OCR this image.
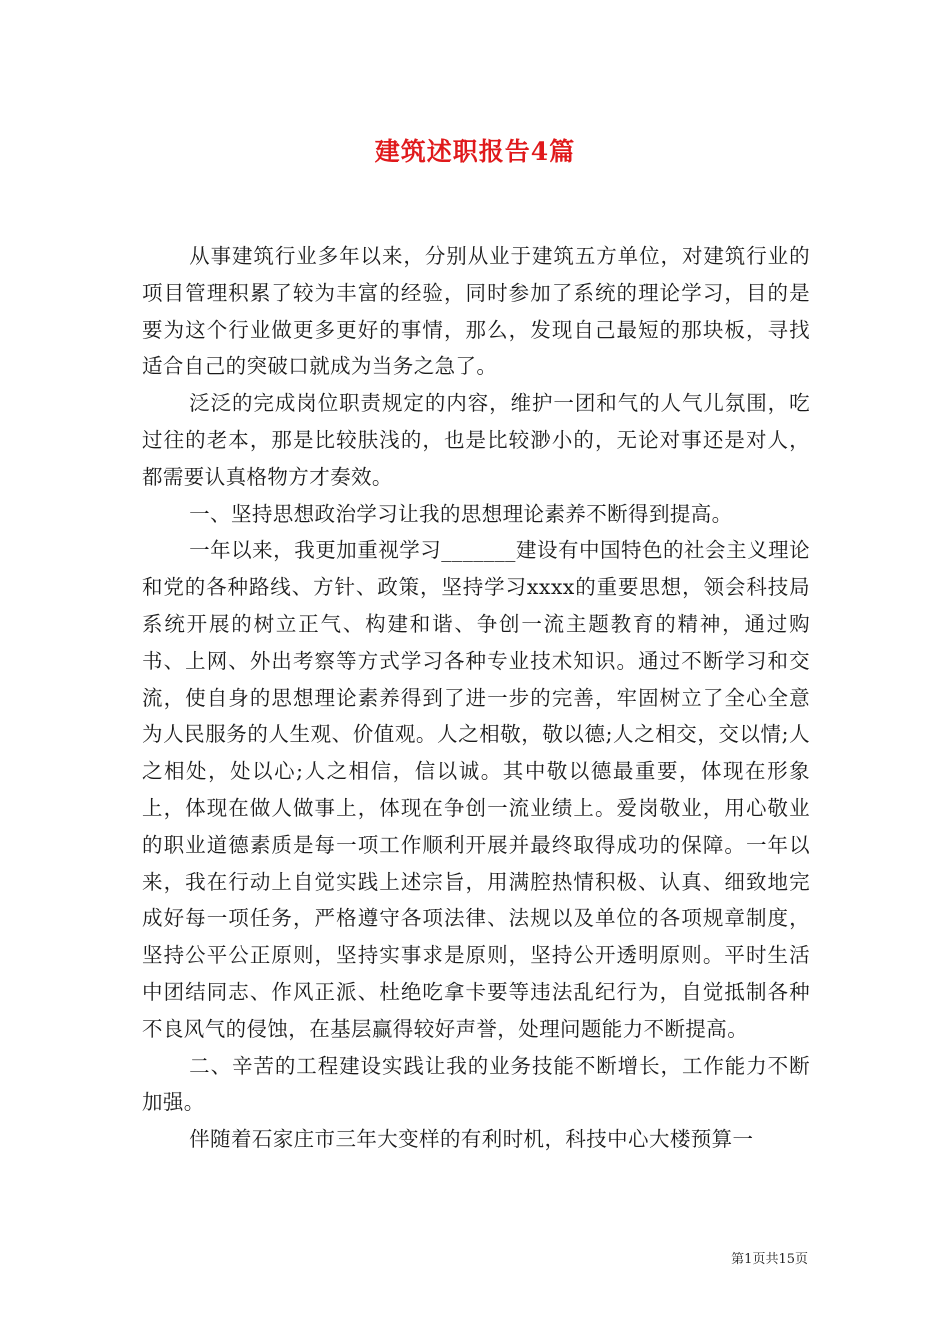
建筑述职报告4篇

从事建筑行业多年以来，分别从业于建筑五方单位，对建筑行业的项目管理积累了较为丰富的经验，同时参加了系统的理论学习，目的是要为这个行业做更多更好的事情，那么，发现自己最短的那块板，寻找适合自己的突破口就成为当务之急了。

泛泛的完成岗位职责规定的内容，维护一团和气的人气儿氛围，吃过往的老本，那是比较肤浅的，也是比较渺小的，无论对事还是对人，都需要认真格物方才奏效。

一、坚持思想政治学习让我的思想理论素养不断得到提高。

一年以来，我更加重视学习_______建设有中国特色的社会主义理论和党的各种路线、方针、政策，坚持学习xxxx的重要思想，领会科技局系统开展的树立正气、构建和谐、争创一流主题教育的精神，通过购书、上网、外出考察等方式学习各种专业技术知识。通过不断学习和交流，使自身的思想理论素养得到了进一步的完善，牢固树立了全心全意为人民服务的人生观、价值观。人之相敬，敬以德;人之相交，交以情;人之相处，处以心;人之相信，信以诚。其中敬以德最重要，体现在形象上，体现在做人做事上，体现在争创一流业绩上。爱岗敬业，用心敬业的职业道德素质是每一项工作顺利开展并最终取得成功的保障。一年以来，我在行动上自觉实践上述宗旨，用满腔热情积极、认真、细致地完成好每一项任务，严格遵守各项法律、法规以及单位的各项规章制度，坚持公平公正原则，坚持实事求是原则，坚持公开透明原则。平时生活中团结同志、作风正派、杜绝吃拿卡要等违法乱纪行为，自觉抵制各种不良风气的侵蚀，在基层赢得较好声誉，处理问题能力不断提高。

二、辛苦的工程建设实践让我的业务技能不断增长，工作能力不断加强。

伴随着石家庄市三年大变样的有利时机，科技中心大楼预算一

第1页共15页
